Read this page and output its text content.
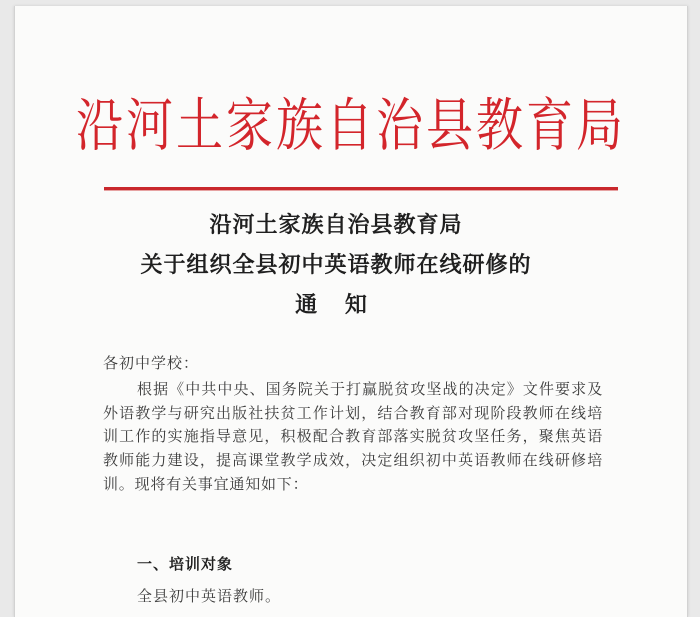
沿河土家族自治县教育局
沿河土家族自治县教育局
关于组织全县初中英语教师在线研修的
通 知
各初中学校：
根据《中共中央、国务院关于打赢脱贫攻坚战的决定》文件要求及外语教学与研究出版社扶贫工作计划，结合教育部对现阶段教师在线培训工作的实施指导意见，积极配合教育部落实脱贫攻坚任务，聚焦英语教师能力建设，提高课堂教学成效，决定组织初中英语教师在线研修培训。现将有关事宜通知如下：
一、培训对象
全县初中英语教师。
